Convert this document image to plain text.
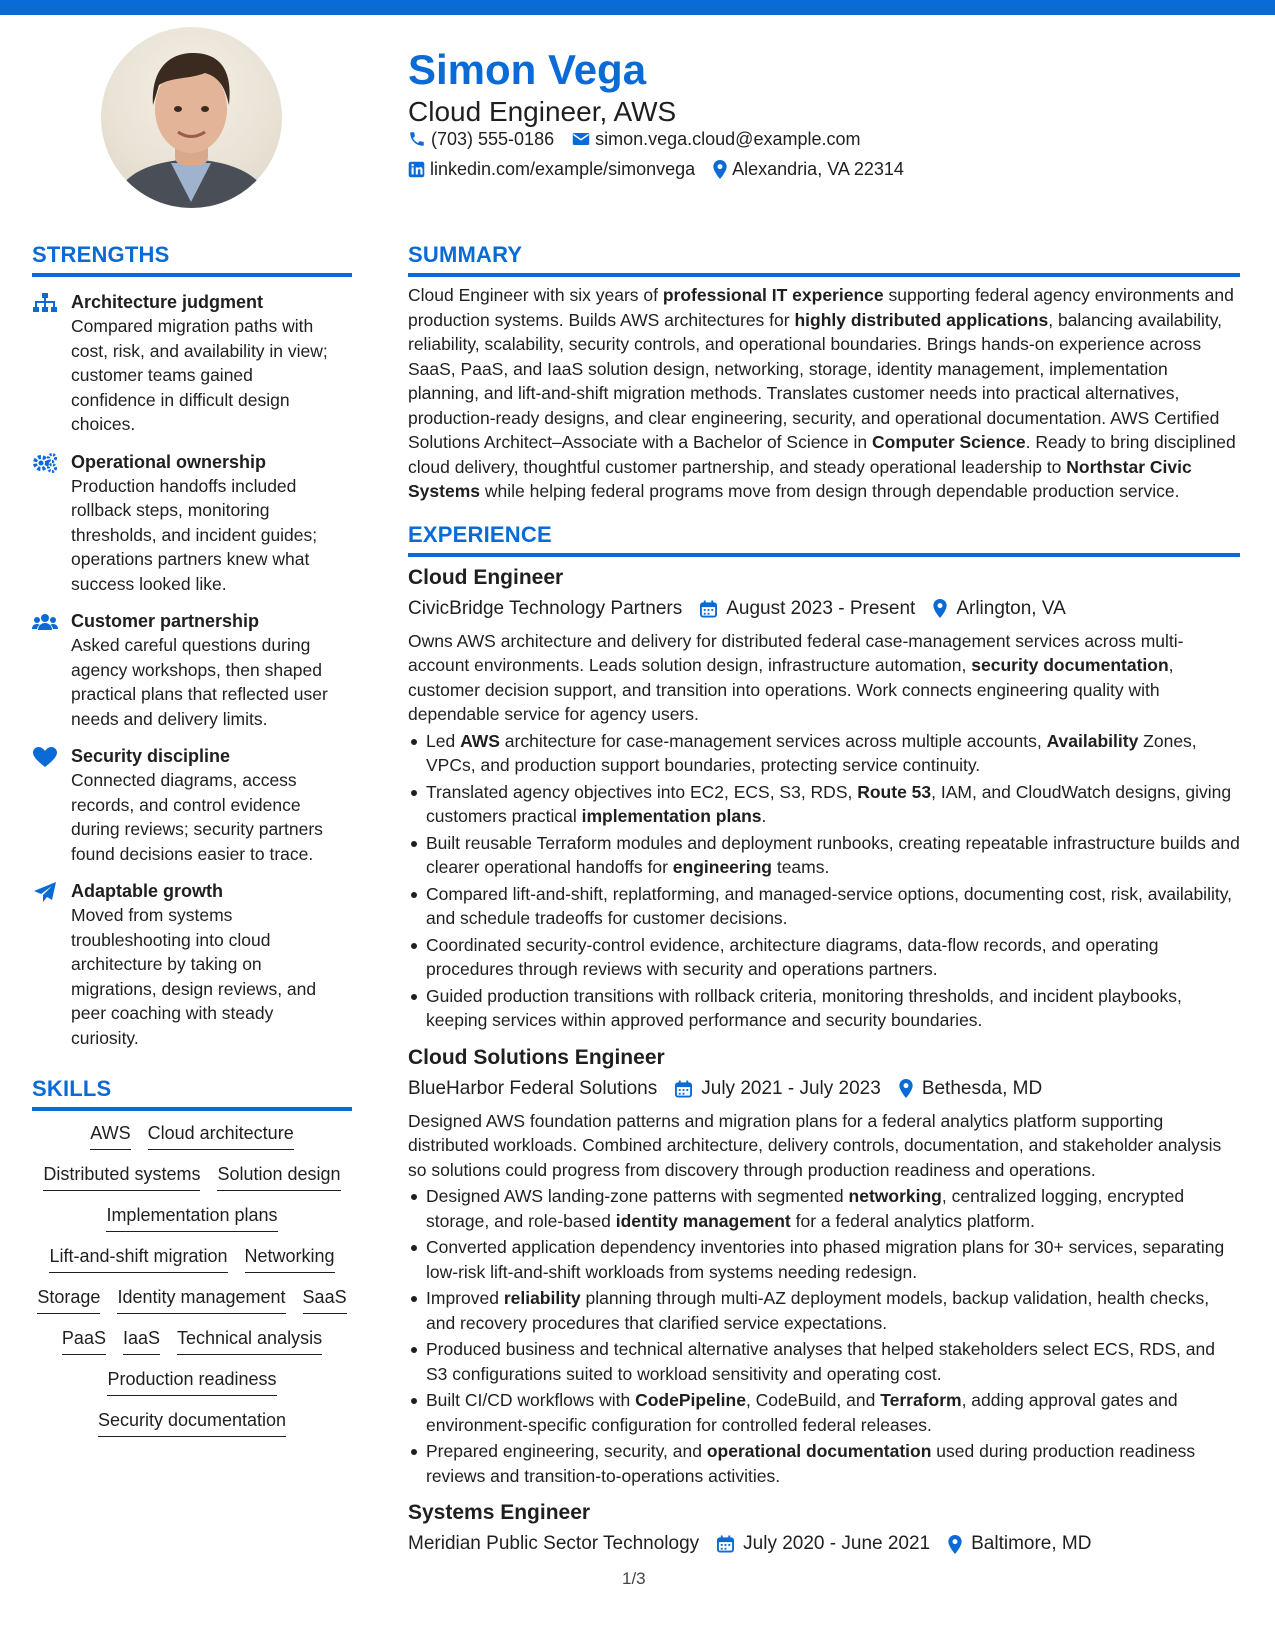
Simon Vega
Cloud Engineer, AWS
(703) 555-0186 simon.vega.cloud@example.com
linkedin.com/example/simonvega Alexandria, VA 22314
STRENGTHS
Architecture judgment
Compared migration paths with
cost, risk, and availability in view;
customer teams gained
confidence in difficult design
choices.
Operational ownership
Production handoffs included
rollback steps, monitoring
thresholds, and incident guides;
operations partners knew what
success looked like.
Customer partnership
Asked careful questions during
agency workshops, then shaped
practical plans that reflected user
needs and delivery limits.
Security discipline
Connected diagrams, access
records, and control evidence
during reviews; security partners
found decisions easier to trace.
Adaptable growth
Moved from systems
troubleshooting into cloud
architecture by taking on
migrations, design reviews, and
peer coaching with steady
curiosity.
SKILLS
AWS Cloud architecture
Distributed systems Solution design
Implementation plans
Lift-and-shift migration Networking
Storage Identity management SaaS
PaaS IaaS Technical analysis
Production readiness
Security documentation
SUMMARY

Cloud Engineer with six years of professional IT experience supporting federal agency environments and production systems. Builds AWS architectures for highly distributed applications, balancing availability, reliability, scalability, security controls, and operational boundaries. Brings hands-on experience across SaaS, PaaS, and IaaS solution design, networking, storage, identity management, implementation planning, and lift-and-shift migration methods. Translates customer needs into practical alternatives, production-ready designs, and clear engineering, security, and operational documentation. AWS Certified Solutions Architect–Associate with a Bachelor of Science in Computer Science. Ready to bring disciplined cloud delivery, thoughtful customer partnership, and steady operational leadership to Northstar Civic Systems while helping federal programs move from design through dependable production service.

EXPERIENCE
Cloud Engineer
CivicBridge Technology Partners August 2023 - Present Arlington, VA

Owns AWS architecture and delivery for distributed federal case-management services across multi-account environments. Leads solution design, infrastructure automation, security documentation, customer decision support, and transition into operations. Work connects engineering quality with dependable service for agency users.

Led AWS architecture for case-management services across multiple accounts, Availability Zones, VPCs, and production support boundaries, protecting service continuity.
Translated agency objectives into EC2, ECS, S3, RDS, Route 53, IAM, and CloudWatch designs, giving customers practical implementation plans.
Built reusable Terraform modules and deployment runbooks, creating repeatable infrastructure builds and clearer operational handoffs for engineering teams.
Compared lift-and-shift, replatforming, and managed-service options, documenting cost, risk, availability, and schedule tradeoffs for customer decisions.
Coordinated security-control evidence, architecture diagrams, data-flow records, and operating procedures through reviews with security and operations partners.
Guided production transitions with rollback criteria, monitoring thresholds, and incident playbooks, keeping services within approved performance and security boundaries.
Cloud Solutions Engineer
BlueHarbor Federal Solutions July 2021 - July 2023 Bethesda, MD

Designed AWS foundation patterns and migration plans for a federal analytics platform supporting distributed workloads. Combined architecture, delivery controls, documentation, and stakeholder analysis so solutions could progress from discovery through production readiness and operations.

Designed AWS landing-zone patterns with segmented networking, centralized logging, encrypted storage, and role-based identity management for a federal analytics platform.
Converted application dependency inventories into phased migration plans for 30+ services, separating low-risk lift-and-shift workloads from systems needing redesign.
Improved reliability planning through multi-AZ deployment models, backup validation, health checks, and recovery procedures that clarified service expectations.
Produced business and technical alternative analyses that helped stakeholders select ECS, RDS, and S3 configurations suited to workload sensitivity and operating cost.
Built CI/CD workflows with CodePipeline, CodeBuild, and Terraform, adding approval gates and environment-specific configuration for controlled federal releases.
Prepared engineering, security, and operational documentation used during production readiness reviews and transition-to-operations activities.
Systems Engineer
Meridian Public Sector Technology July 2020 - June 2021 Baltimore, MD
1/3
